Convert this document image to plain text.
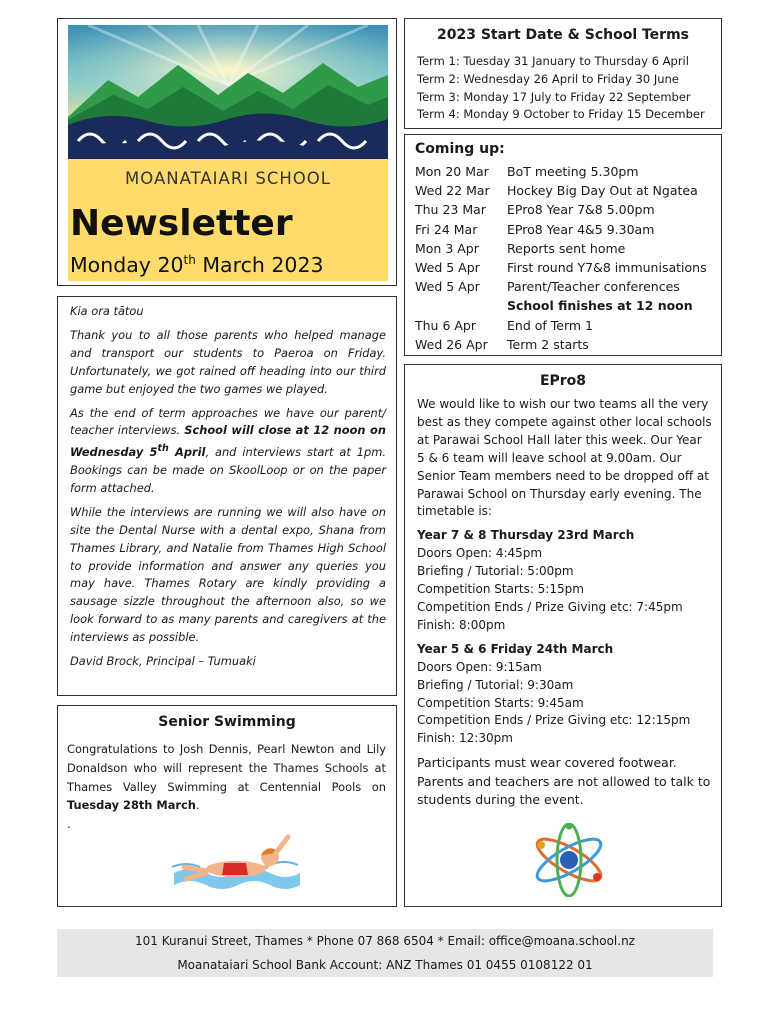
MOANATAIARI SCHOOL
Newsletter
Monday 20th March 2023
2023 Start Date & School Terms
Term 1: Tuesday 31 January to Thursday 6 April
Term 2: Wednesday 26 April to Friday 30 June
Term 3: Monday 17 July to Friday 22 September
Term 4: Monday 9 October to Friday 15 December
Coming up:
Mon 20 Mar	BoT meeting 5.30pm
Wed 22 Mar	Hockey Big Day Out at Ngatea
Thu 23 Mar	EPro8 Year 7&8 5.00pm
Fri 24 Mar	EPro8 Year 4&5 9.30am
Mon 3 Apr	Reports sent home
Wed 5 Apr	First round Y7&8 immunisations
Wed 5 Apr	Parent/Teacher conferences
School finishes at 12 noon
Thu 6 Apr	End of Term 1
Wed 26 Apr	Term 2 starts

Kia ora tātou

Thank you to all those parents who helped manage and transport our students to Paeroa on Friday. Unfortunately, we got rained off heading into our third game but enjoyed the two games we played.

As the end of term approaches we have our parent/ teacher interviews. School will close at 12 noon on Wednesday 5th April, and interviews start at 1pm. Bookings can be made on SkoolLoop or on the paper form attached.

While the interviews are running we will also have on site the Dental Nurse with a dental expo, Shana from Thames Library, and Natalie from Thames High School to provide information and answer any queries you may have. Thames Rotary are kindly providing a sausage sizzle throughout the afternoon also, so we look forward to as many parents and caregivers at the interviews as possible.

David Brock, Principal – Tumuaki

Senior Swimming
Congratulations to Josh Dennis, Pearl Newton and Lily Donaldson who will represent the Thames Schools at Thames Valley Swimming at Centennial Pools on Tuesday 28th March.
.
EPro8

We would like to wish our two teams all the very best as they compete against other local schools at Parawai School Hall later this week. Our Year 5 & 6 team will leave school at 9.00am. Our Senior Team members need to be dropped off at Parawai School on Thursday early evening. The timetable is:

Year 7 & 8 Thursday 23rd March
Doors Open: 4:45pm
Briefing / Tutorial: 5:00pm
Competition Starts: 5:15pm
Competition Ends / Prize Giving etc: 7:45pm
Finish: 8:00pm
Year 5 & 6 Friday 24th March
Doors Open: 9:15am
Briefing / Tutorial: 9:30am
Competition Starts: 9:45am
Competition Ends / Prize Giving etc: 12:15pm
Finish: 12:30pm

Participants must wear covered footwear. Parents and teachers are not allowed to talk to students during the event.

101 Kuranui Street, Thames * Phone 07 868 6504 * Email: office@moana.school.nz
Moanataiari School Bank Account: ANZ Thames 01 0455 0108122 01
